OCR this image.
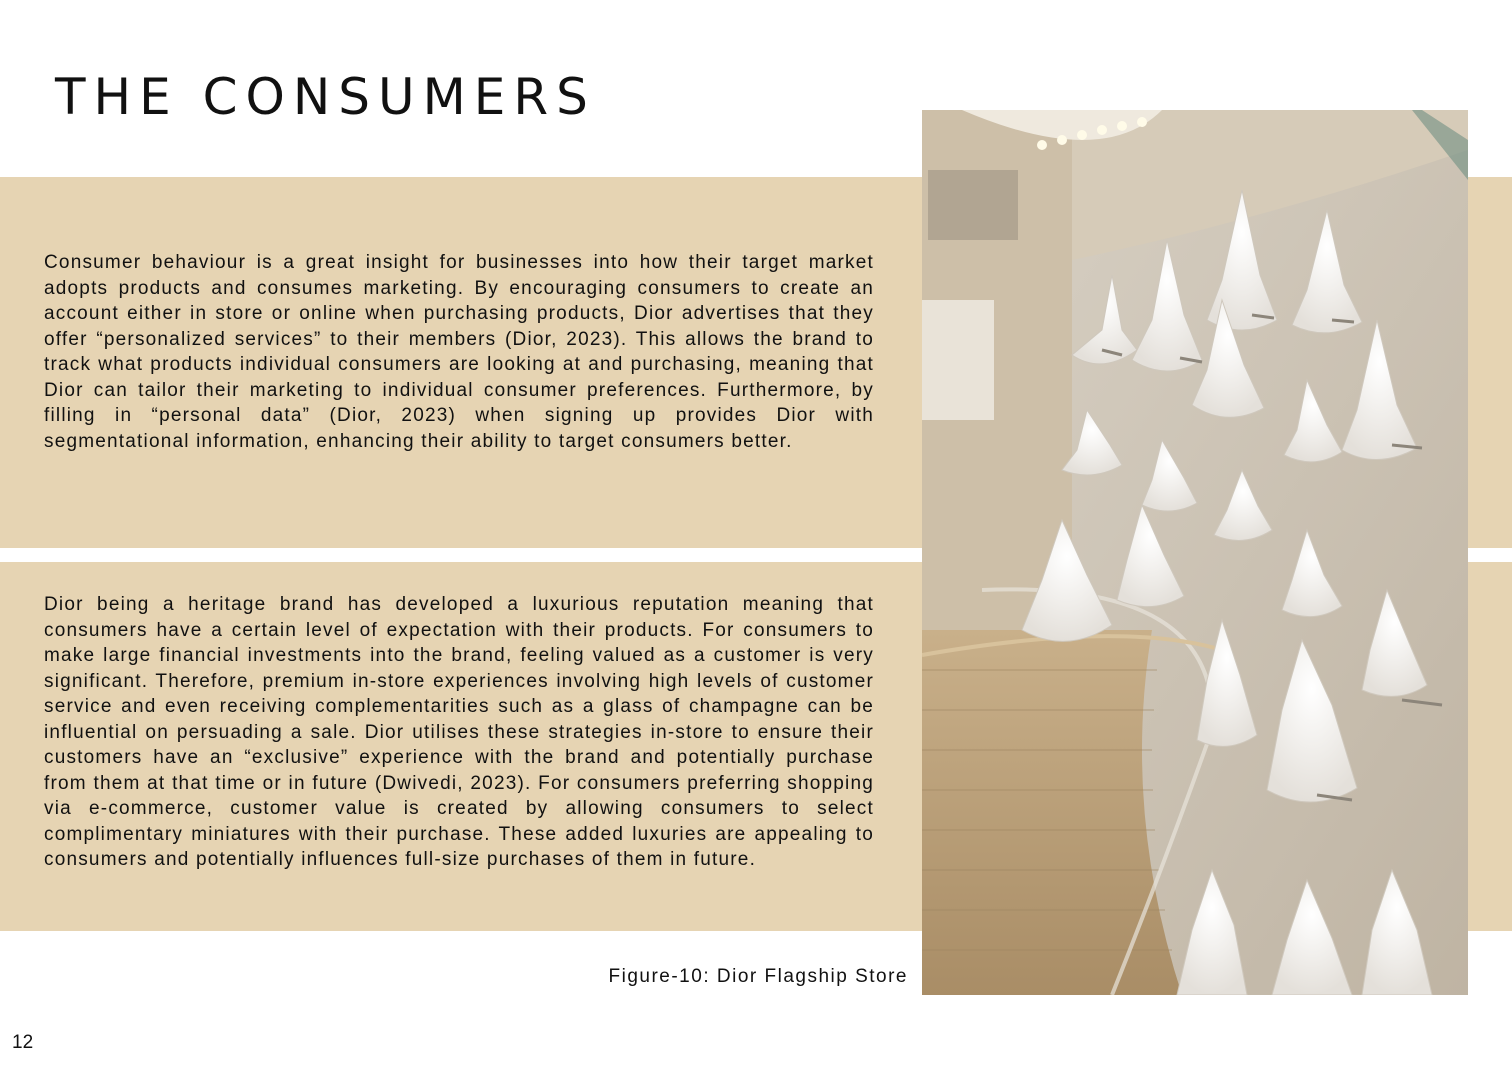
THE CONSUMERS

Consumer behaviour is a great insight for businesses into how their target market adopts products and consumes marketing. By encouraging consumers to create an account either in store or online when purchasing products, Dior advertises that they offer “personalized services” to their members (Dior, 2023). This allows the brand to track what products individual consumers are looking at and purchasing, meaning that Dior can tailor their marketing to individual consumer preferences. Furthermore, by filling in “personal data” (Dior, 2023) when signing up provides Dior with segmentational information, enhancing their ability to target consumers better.

Dior being a heritage brand has developed a luxurious reputation meaning that consumers have a certain level of expectation with their products. For consumers to make large financial investments into the brand, feeling valued as a customer is very significant. Therefore, premium in-store experiences involving high levels of customer service and even receiving complementarities such as a glass of champagne can be influential on persuading a sale. Dior utilises these strategies in-store to ensure their customers have an “exclusive” experience with the brand and potentially purchase from them at that time or in future (Dwivedi, 2023). For consumers preferring shopping via e-commerce, customer value is created by allowing consumers to select complimentary miniatures with their purchase. These added luxuries are appealing to consumers and potentially influences full-size purchases of them in future.

Figure-10: Dior Flagship Store

12
